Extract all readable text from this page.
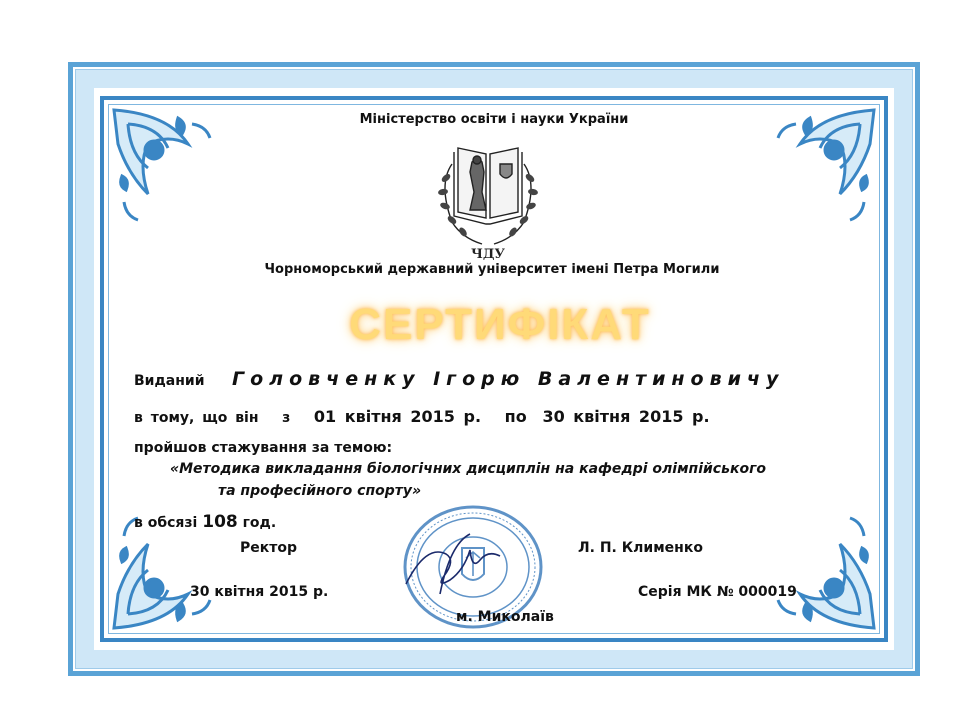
Міністерство освіти і науки України
ЧДУ
Чорноморський державний університет імені Петра Могили
СЕРТИФІКАТ
Виданий Головченку Ігорю Валентиновичу
в тому, що він з 01 квітня 2015 р. по 30 квітня 2015 р.
пройшов стажування за темою:
«Методика викладання біологічних дисциплін на кафедрі олімпійського
та професійного спорту»
в обсязі 108 год.
Ректор	Л. П. Клименко
30 квітня 2015 р.	Серія МК № 000019
м. Миколаїв
